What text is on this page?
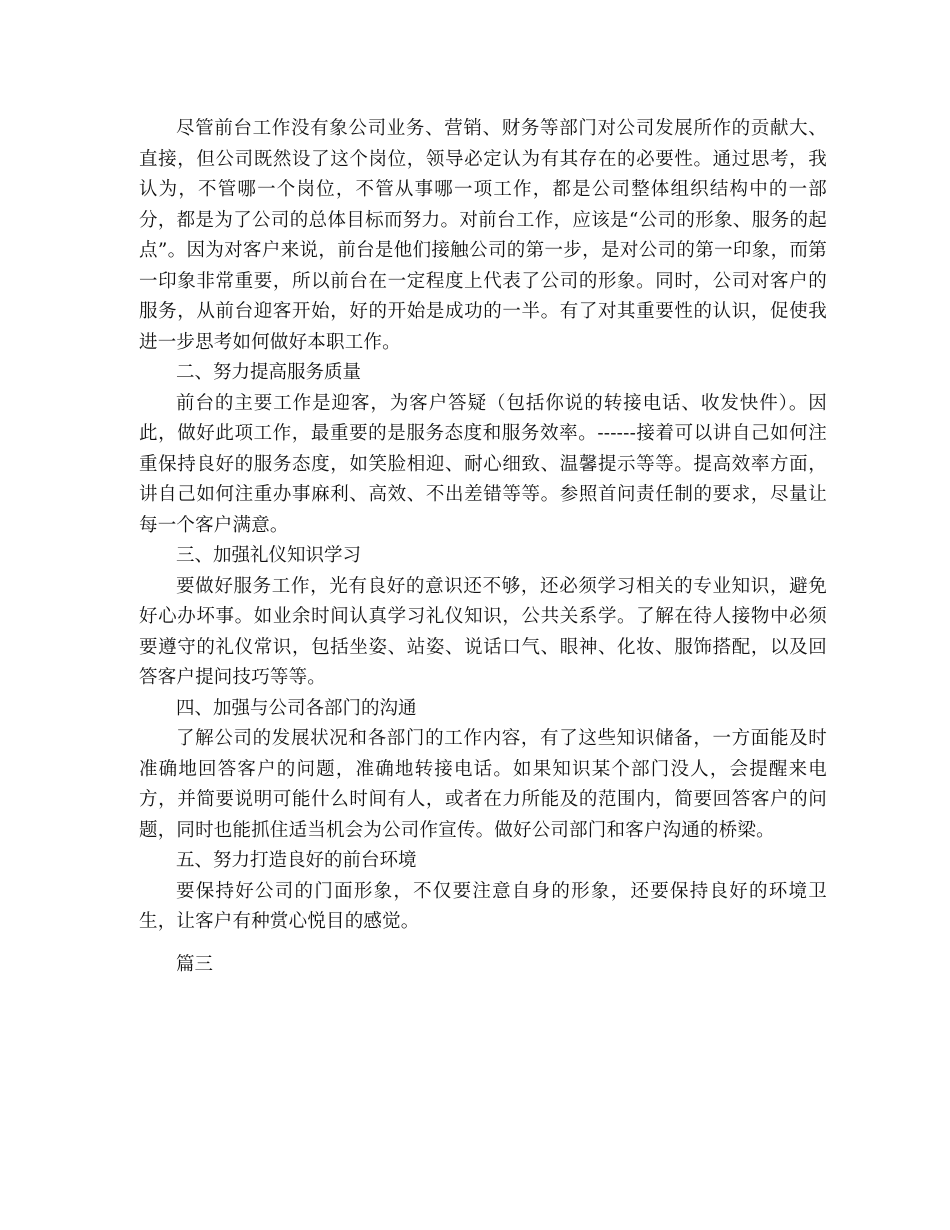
尽管前台工作没有象公司业务、营销、财务等部门对公司发展所作的贡献大、直接，但公司既然设了这个岗位，领导必定认为有其存在的必要性。通过思考，我认为，不管哪一个岗位，不管从事哪一项工作，都是公司整体组织结构中的一部分，都是为了公司的总体目标而努力。对前台工作，应该是“公司的形象、服务的起点”。因为对客户来说，前台是他们接触公司的第一步，是对公司的第一印象，而第一印象非常重要，所以前台在一定程度上代表了公司的形象。同时，公司对客户的服务，从前台迎客开始，好的开始是成功的一半。有了对其重要性的认识，促使我进一步思考如何做好本职工作。

二、努力提高服务质量

前台的主要工作是迎客，为客户答疑（包括你说的转接电话、收发快件）。因此，做好此项工作，最重要的是服务态度和服务效率。------接着可以讲自己如何注重保持良好的服务态度，如笑脸相迎、耐心细致、温馨提示等等。提高效率方面，讲自己如何注重办事麻利、高效、不出差错等等。参照首问责任制的要求，尽量让每一个客户满意。

三、加强礼仪知识学习

要做好服务工作，光有良好的意识还不够，还必须学习相关的专业知识，避免好心办坏事。如业余时间认真学习礼仪知识，公共关系学。了解在待人接物中必须要遵守的礼仪常识，包括坐姿、站姿、说话口气、眼神、化妆、服饰搭配，以及回答客户提问技巧等等。

四、加强与公司各部门的沟通

了解公司的发展状况和各部门的工作内容，有了这些知识储备，一方面能及时准确地回答客户的问题，准确地转接电话。如果知识某个部门没人，会提醒来电方，并简要说明可能什么时间有人，或者在力所能及的范围内，简要回答客户的问题，同时也能抓住适当机会为公司作宣传。做好公司部门和客户沟通的桥梁。

五、努力打造良好的前台环境

要保持好公司的门面形象，不仅要注意自身的形象，还要保持良好的环境卫生，让客户有种赏心悦目的感觉。

篇三
